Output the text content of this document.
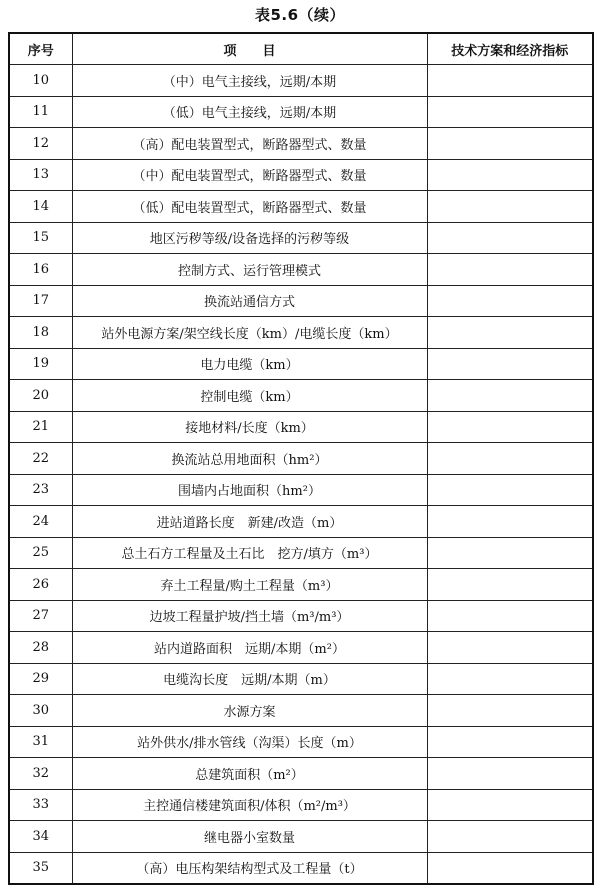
表5.6（续）
序号	项　　目	技术方案和经济指标
10	（中）电气主接线，远期/本期	
11	（低）电气主接线，远期/本期	
12	（高）配电装置型式，断路器型式、数量	
13	（中）配电装置型式，断路器型式、数量	
14	（低）配电装置型式，断路器型式、数量	
15	地区污秽等级/设备选择的污秽等级	
16	控制方式、运行管理模式	
17	换流站通信方式	
18	站外电源方案/架空线长度（km）/电缆长度（km）	
19	电力电缆（km）	
20	控制电缆（km）	
21	接地材料/长度（km）	
22	换流站总用地面积（hm²）	
23	围墙内占地面积（hm²）	
24	进站道路长度　新建/改造（m）	
25	总土石方工程量及土石比　挖方/填方（m³）	
26	弃土工程量/购土工程量（m³）	
27	边坡工程量护坡/挡土墙（m³/m³）	
28	站内道路面积　远期/本期（m²）	
29	电缆沟长度　远期/本期（m）	
30	水源方案	
31	站外供水/排水管线（沟渠）长度（m）	
32	总建筑面积（m²）	
33	主控通信楼建筑面积/体积（m²/m³）	
34	继电器小室数量	
35	（高）电压构架结构型式及工程量（t）	
